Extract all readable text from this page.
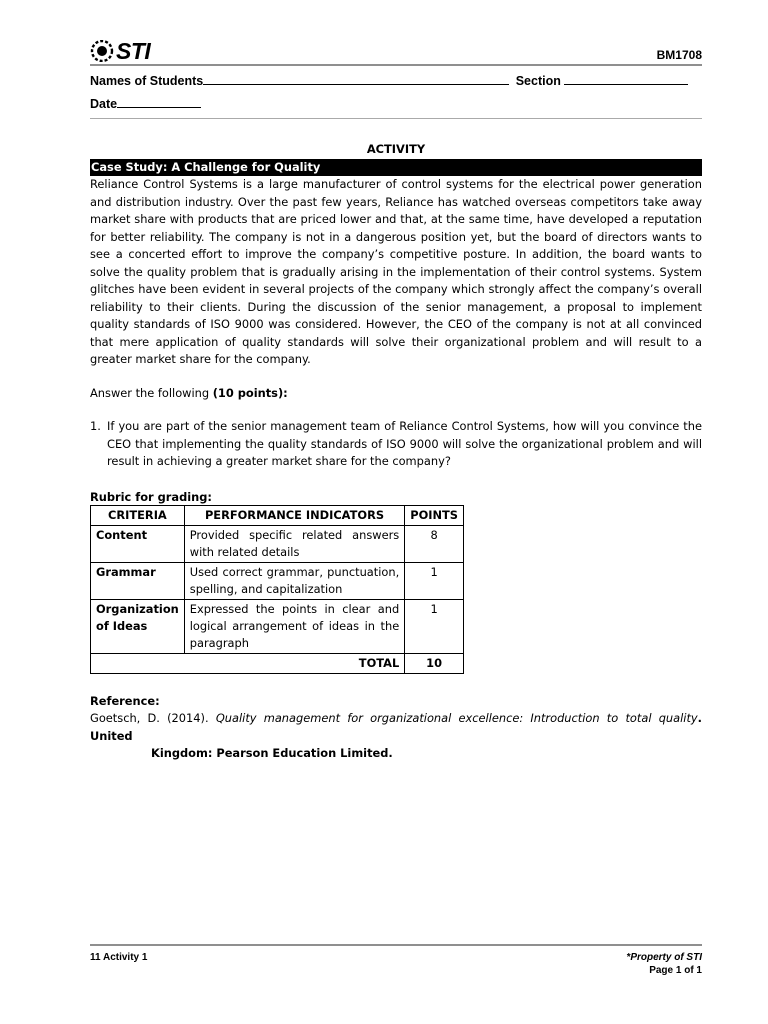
STI	BM1708
Names of Students	Section
Date
ACTIVITY
Case Study: A Challenge for Quality
Reliance Control Systems is a large manufacturer of control systems for the electrical power generation and distribution industry. Over the past few years, Reliance has watched overseas competitors take away market share with products that are priced lower and that, at the same time, have developed a reputation for better reliability. The company is not in a dangerous position yet, but the board of directors wants to see a concerted effort to improve the company’s competitive posture. In addition, the board wants to solve the quality problem that is gradually arising in the implementation of their control systems. System glitches have been evident in several projects of the company which strongly affect the company’s overall reliability to their clients. During the discussion of the senior management, a proposal to implement quality standards of ISO 9000 was considered. However, the CEO of the company is not at all convinced that mere application of quality standards will solve their organizational problem and will result to a greater market share for the company.
Answer the following (10 points):
1. If you are part of the senior management team of Reliance Control Systems, how will you convince the CEO that implementing the quality standards of ISO 9000 will solve the organizational problem and will result in achieving a greater market share for the company?
Rubric for grading:
CRITERIA	PERFORMANCE INDICATORS	POINTS
Content	Provided specific related answers with related details	8
Grammar	Used correct grammar, punctuation, spelling, and capitalization	1
Organization of Ideas	Expressed the points in clear and logical arrangement of ideas in the paragraph	1
TOTAL		10
Reference:
Goetsch, D. (2014). Quality management for organizational excellence: Introduction to total quality. United
Kingdom: Pearson Education Limited.
11 Activity 1	*Property of STI
Page 1 of 1
